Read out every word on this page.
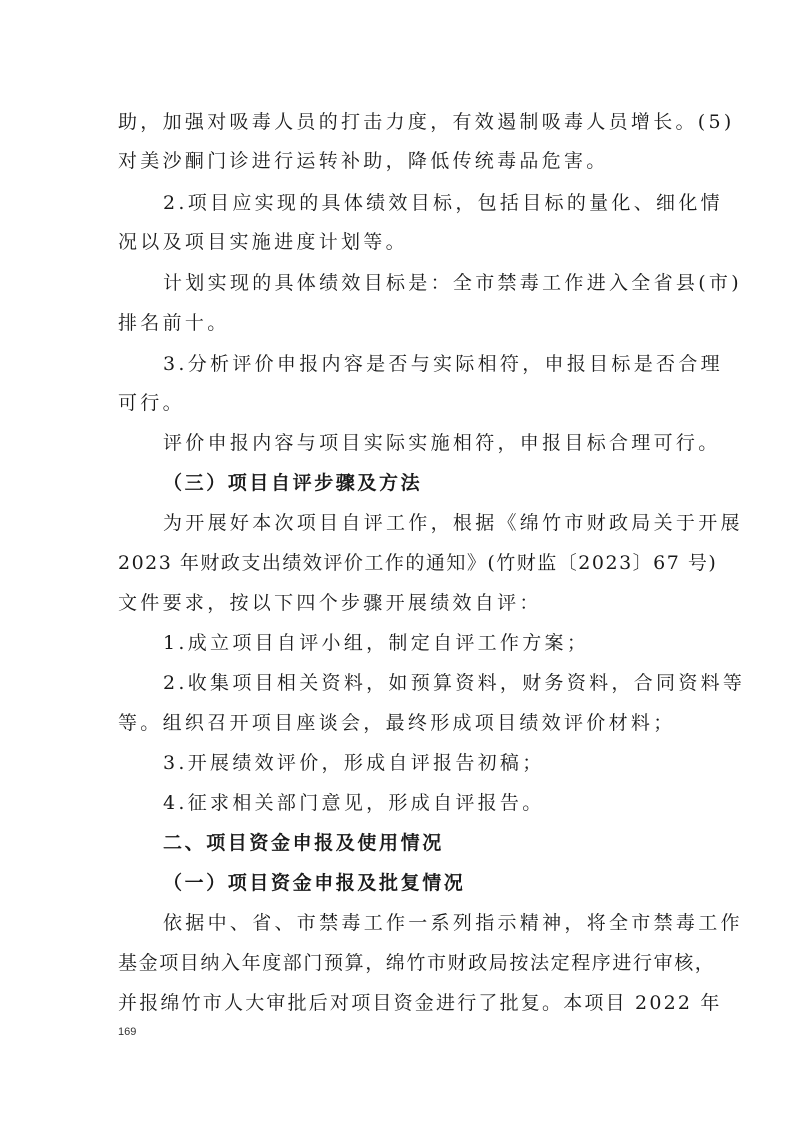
助，加强对吸毒人员的打击力度，有效遏制吸毒人员增长。(5)
对美沙酮门诊进行运转补助，降低传统毒品危害。
2.项目应实现的具体绩效目标，包括目标的量化、细化情
况以及项目实施进度计划等。
计划实现的具体绩效目标是：全市禁毒工作进入全省县(市)
排名前十。
3.分析评价申报内容是否与实际相符，申报目标是否合理
可行。
评价申报内容与项目实际实施相符，申报目标合理可行。
（三）项目自评步骤及方法
为开展好本次项目自评工作，根据《绵竹市财政局关于开展
2023 年财政支出绩效评价工作的通知》(竹财监〔2023〕67 号)
文件要求，按以下四个步骤开展绩效自评：
1.成立项目自评小组，制定自评工作方案；
2.收集项目相关资料，如预算资料，财务资料，合同资料等
等。组织召开项目座谈会，最终形成项目绩效评价材料；
3.开展绩效评价，形成自评报告初稿；
4.征求相关部门意见，形成自评报告。
二、项目资金申报及使用情况
（一）项目资金申报及批复情况
依据中、省、市禁毒工作一系列指示精神，将全市禁毒工作
基金项目纳入年度部门预算，绵竹市财政局按法定程序进行审核，
并报绵竹市人大审批后对项目资金进行了批复。本项目 2022 年
169
